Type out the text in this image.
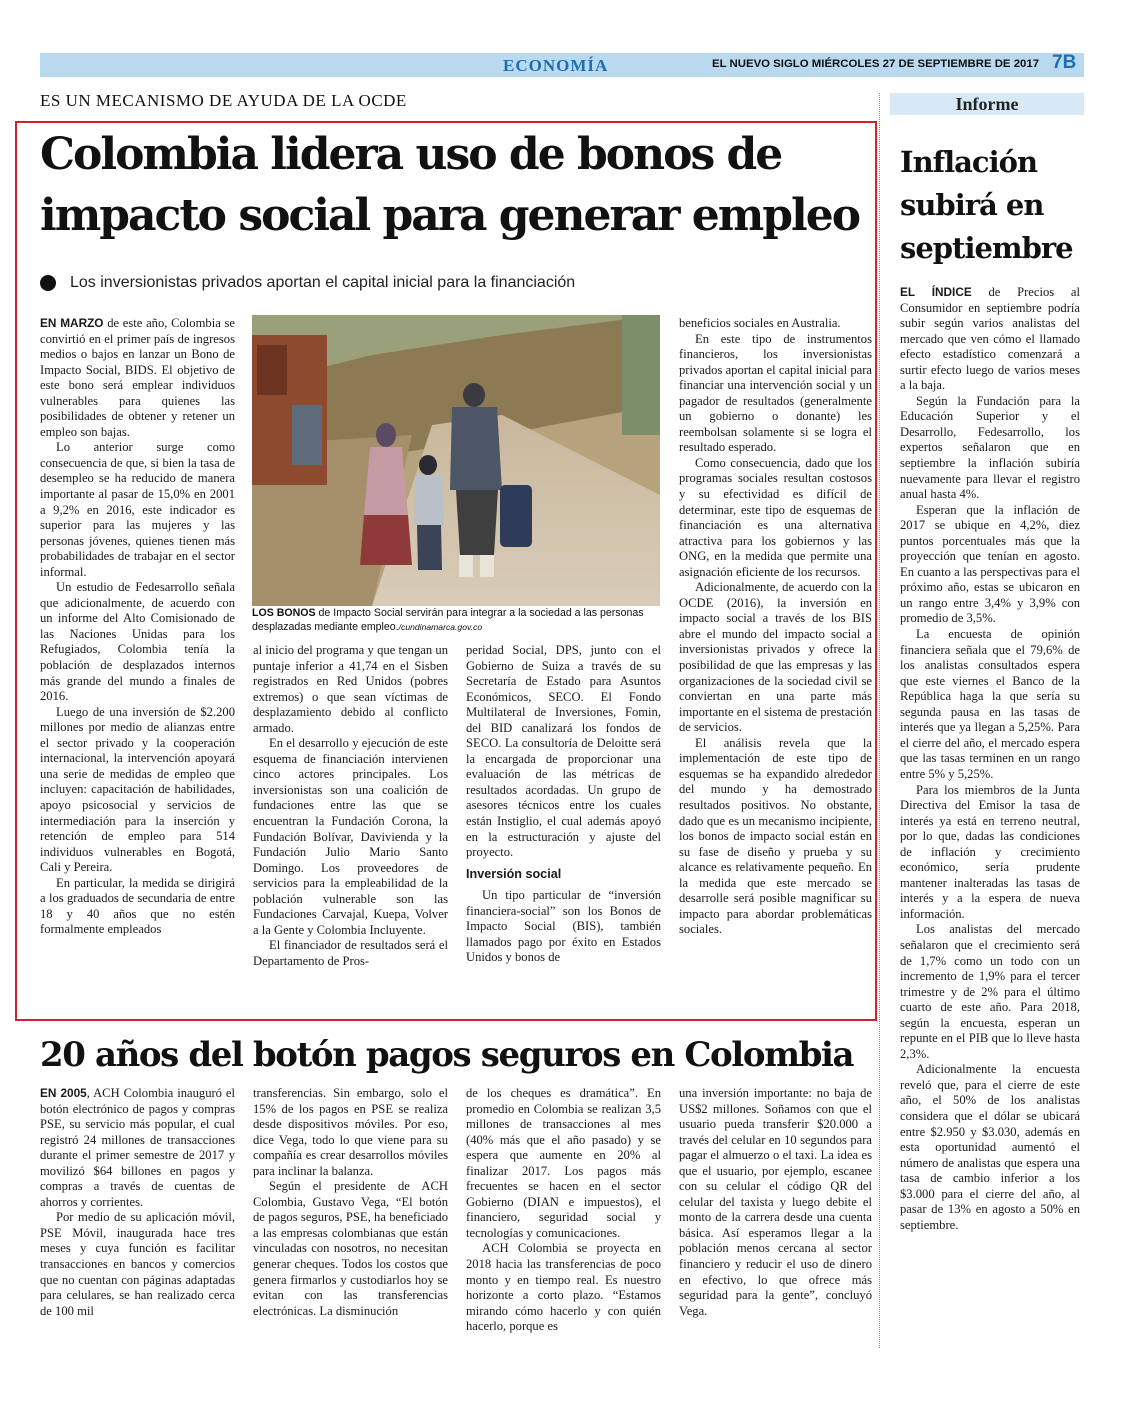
ECONOMÍA	EL NUEVO SIGLO MIÉRCOLES 27 DE SEPTIEMBRE DE 2017 7B
ES UN MECANISMO DE AYUDA DE LA OCDE
Colombia lidera uso de bonos de impacto social para generar empleo
Los inversionistas privados aportan el capital inicial para la financiación

EN MARZO de este año, Colombia se convirtió en el primer país de ingresos medios o bajos en lanzar un Bono de Impacto Social, BIDS. El objetivo de este bono será emplear individuos vulnerables para quienes las posibilidades de obtener y retener un empleo son bajas.

Lo anterior surge como consecuencia de que, si bien la tasa de desempleo se ha reducido de manera importante al pasar de 15,0% en 2001 a 9,2% en 2016, este indicador es superior para las mujeres y las personas jóvenes, quienes tienen más probabilidades de trabajar en el sector informal.

Un estudio de Fedesarrollo señala que adicionalmente, de acuerdo con un informe del Alto Comisionado de las Naciones Unidas para los Refugiados, Colombia tenía la población de desplazados internos más grande del mundo a finales de 2016.

Luego de una inversión de $2.200 millones por medio de alianzas entre el sector privado y la cooperación internacional, la intervención apoyará una serie de medidas de empleo que incluyen: capacitación de habilidades, apoyo psicosocial y servicios de intermediación para la inserción y retención de empleo para 514 individuos vulnerables en Bogotá, Cali y Pereira.

En particular, la medida se dirigirá a los graduados de secundaria de entre 18 y 40 años que no estén formalmente empleados

LOS BONOS de Impacto Social servirán para integrar a la sociedad a las personas desplazadas mediante empleo./cundinamarca.gov.co

al inicio del programa y que tengan un puntaje inferior a 41,74 en el Sisben registrados en Red Unidos (pobres extremos) o que sean víctimas de desplazamiento debido al conflicto armado.

En el desarrollo y ejecución de este esquema de financiación intervienen cinco actores principales. Los inversionistas son una coalición de fundaciones entre las que se encuentran la Fundación Corona, la Fundación Bolívar, Davivienda y la Fundación Julio Mario Santo Domingo. Los proveedores de servicios para la empleabilidad de la población vulnerable son las Fundaciones Carvajal, Kuepa, Volver a la Gente y Colombia Incluyente.

El financiador de resultados será el Departamento de Pros-

peridad Social, DPS, junto con el Gobierno de Suiza a través de su Secretaría de Estado para Asuntos Económicos, SECO. El Fondo Multilateral de Inversiones, Fomin, del BID canalizará los fondos de SECO. La consultoría de Deloitte será la encargada de proporcionar una evaluación de las métricas de resultados acordadas. Un grupo de asesores técnicos entre los cuales están Instiglio, el cual además apoyó en la estructuración y ajuste del proyecto.

Inversión social

Un tipo particular de “inversión financiera-social” son los Bonos de Impacto Social (BIS), también llamados pago por éxito en Estados Unidos y bonos de

beneficios sociales en Australia.

En este tipo de instrumentos financieros, los inversionistas privados aportan el capital inicial para financiar una intervención social y un pagador de resultados (generalmente un gobierno o donante) les reembolsan solamente si se logra el resultado esperado.

Como consecuencia, dado que los programas sociales resultan costosos y su efectividad es difícil de determinar, este tipo de esquemas de financiación es una alternativa atractiva para los gobiernos y las ONG, en la medida que permite una asignación eficiente de los recursos.

Adicionalmente, de acuerdo con la OCDE (2016), la inversión en impacto social a través de los BIS abre el mundo del impacto social a inversionistas privados y ofrece la posibilidad de que las empresas y las organizaciones de la sociedad civil se conviertan en una parte más importante en el sistema de prestación de servicios.

El análisis revela que la implementación de este tipo de esquemas se ha expandido alrededor del mundo y ha demostrado resultados positivos. No obstante, dado que es un mecanismo incipiente, los bonos de impacto social están en su fase de diseño y prueba y su alcance es relativamente pequeño. En la medida que este mercado se desarrolle será posible magnificar su impacto para abordar problemáticas sociales.

20 años del botón pagos seguros en Colombia

EN 2005, ACH Colombia inauguró el botón electrónico de pagos y compras PSE, su servicio más popular, el cual registró 24 millones de transacciones durante el primer semestre de 2017 y movilizó $64 billones en pagos y compras a través de cuentas de ahorros y corrientes.

Por medio de su aplicación móvil, PSE Móvil, inaugurada hace tres meses y cuya función es facilitar transacciones en bancos y comercios que no cuentan con páginas adaptadas para celulares, se han realizado cerca de 100 mil

transferencias. Sin embargo, solo el 15% de los pagos en PSE se realiza desde dispositivos móviles. Por eso, dice Vega, todo lo que viene para su compañía es crear desarrollos móviles para inclinar la balanza.

Según el presidente de ACH Colombia, Gustavo Vega, “El botón de pagos seguros, PSE, ha beneficiado a las empresas colombianas que están vinculadas con nosotros, no necesitan generar cheques. Todos los costos que genera firmarlos y custodiarlos hoy se evitan con las transferencias electrónicas. La disminución

de los cheques es dramática”. En promedio en Colombia se realizan 3,5 millones de transacciones al mes (40% más que el año pasado) y se espera que aumente en 20% al finalizar 2017. Los pagos más frecuentes se hacen en el sector Gobierno (DIAN e impuestos), el financiero, seguridad social y tecnologías y comunicaciones.

ACH Colombia se proyecta en 2018 hacia las transferencias de poco monto y en tiempo real. Es nuestro horizonte a corto plazo. “Estamos mirando cómo hacerlo y con quién hacerlo, porque es

una inversión importante: no baja de US$2 millones. Soñamos con que el usuario pueda transferir $20.000 a través del celular en 10 segundos para pagar el almuerzo o el taxi. La idea es que el usuario, por ejemplo, escanee con su celular el código QR del celular del taxista y luego debite el monto de la carrera desde una cuenta básica. Así esperamos llegar a la población menos cercana al sector financiero y reducir el uso de dinero en efectivo, lo que ofrece más seguridad para la gente”, concluyó Vega.

Informe
Inflación subirá en septiembre

EL ÍNDICE de Precios al Consumidor en septiembre podría subir según varios analistas del mercado que ven cómo el llamado efecto estadístico comenzará a surtir efecto luego de varios meses a la baja.

Según la Fundación para la Educación Superior y el Desarrollo, Fedesarrollo, los expertos señalaron que en septiembre la inflación subiría nuevamente para llevar el registro anual hasta 4%.

Esperan que la inflación de 2017 se ubique en 4,2%, diez puntos porcentuales más que la proyección que tenían en agosto. En cuanto a las perspectivas para el próximo año, estas se ubicaron en un rango entre 3,4% y 3,9% con promedio de 3,5%.

La encuesta de opinión financiera señala que el 79,6% de los analistas consultados espera que este viernes el Banco de la República haga la que sería su segunda pausa en las tasas de interés que ya llegan a 5,25%. Para el cierre del año, el mercado espera que las tasas terminen en un rango entre 5% y 5,25%.

Para los miembros de la Junta Directiva del Emisor la tasa de interés ya está en terreno neutral, por lo que, dadas las condiciones de inflación y crecimiento económico, sería prudente mantener inalteradas las tasas de interés y a la espera de nueva información.

Los analistas del mercado señalaron que el crecimiento será de 1,7% como un todo con un incremento de 1,9% para el tercer trimestre y de 2% para el último cuarto de este año. Para 2018, según la encuesta, esperan un repunte en el PIB que lo lleve hasta 2,3%.

Adicionalmente la encuesta reveló que, para el cierre de este año, el 50% de los analistas considera que el dólar se ubicará entre $2.950 y $3.030, además en esta oportunidad aumentó el número de analistas que espera una tasa de cambio inferior a los $3.000 para el cierre del año, al pasar de 13% en agosto a 50% en septiembre.
